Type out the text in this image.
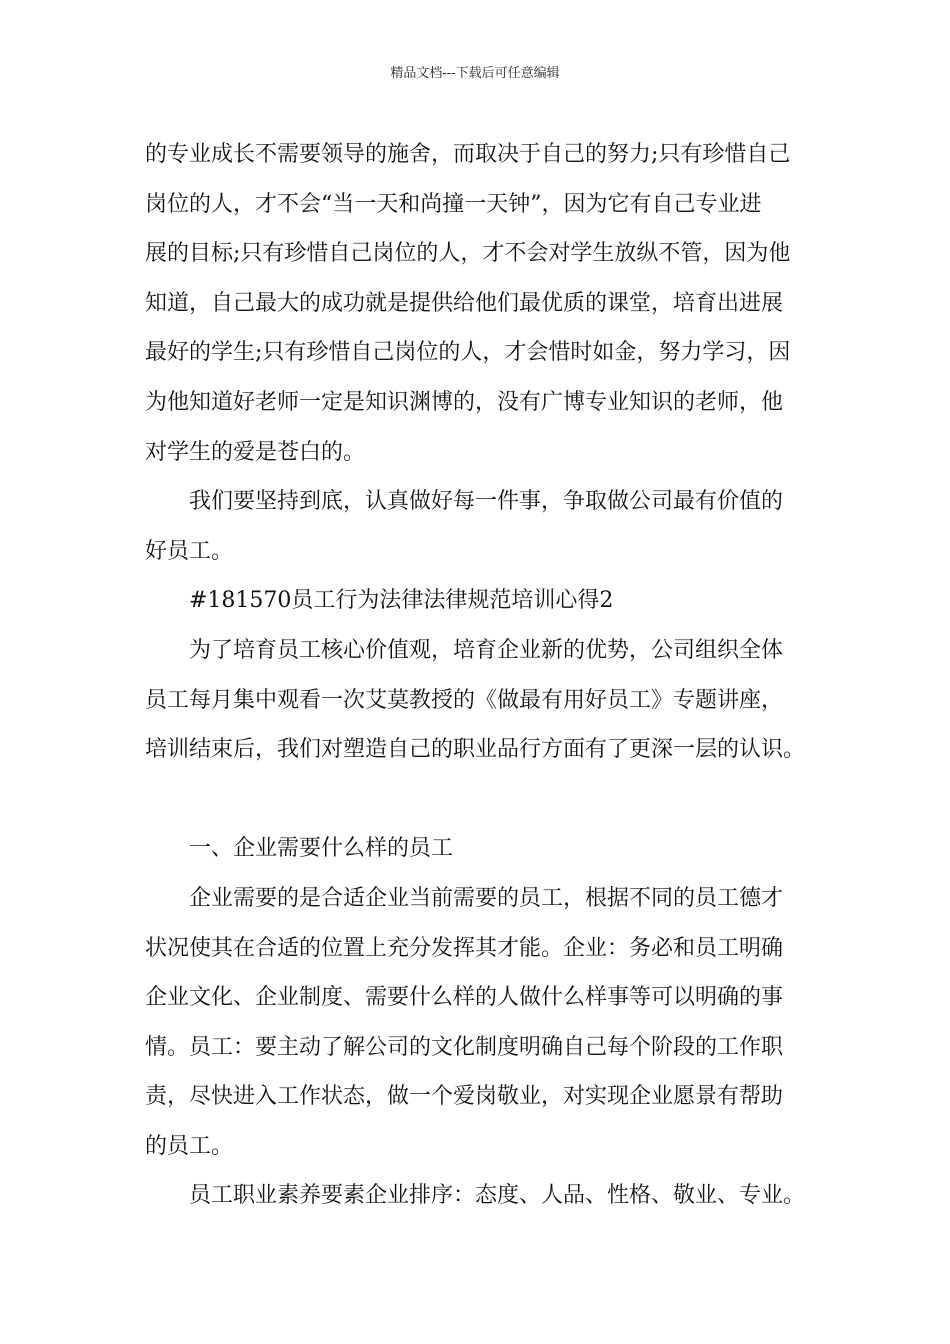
精品文档---下载后可任意编辑
的专业成长不需要领导的施舍，而取决于自己的努力;只有珍惜自己
岗位的人，才不会“当一天和尚撞一天钟”，因为它有自己专业进
展的目标;只有珍惜自己岗位的人，才不会对学生放纵不管，因为他
知道，自己最大的成功就是提供给他们最优质的课堂，培育出进展
最好的学生;只有珍惜自己岗位的人，才会惜时如金，努力学习，因
为他知道好老师一定是知识渊博的，没有广博专业知识的老师，他
对学生的爱是苍白的。
我们要坚持到底，认真做好每一件事，争取做公司最有价值的
好员工。
#181570员工行为法律法律规范培训心得2
为了培育员工核心价值观，培育企业新的优势，公司组织全体
员工每月集中观看一次艾莫教授的《做最有用好员工》专题讲座，
培训结束后，我们对塑造自己的职业品行方面有了更深一层的认识。
一、企业需要什么样的员工
企业需要的是合适企业当前需要的员工，根据不同的员工德才
状况使其在合适的位置上充分发挥其才能。企业：务必和员工明确
企业文化、企业制度、需要什么样的人做什么样事等可以明确的事
情。员工：要主动了解公司的文化制度明确自己每个阶段的工作职
责，尽快进入工作状态，做一个爱岗敬业，对实现企业愿景有帮助
的员工。
员工职业素养要素企业排序：态度、人品、性格、敬业、专业。
